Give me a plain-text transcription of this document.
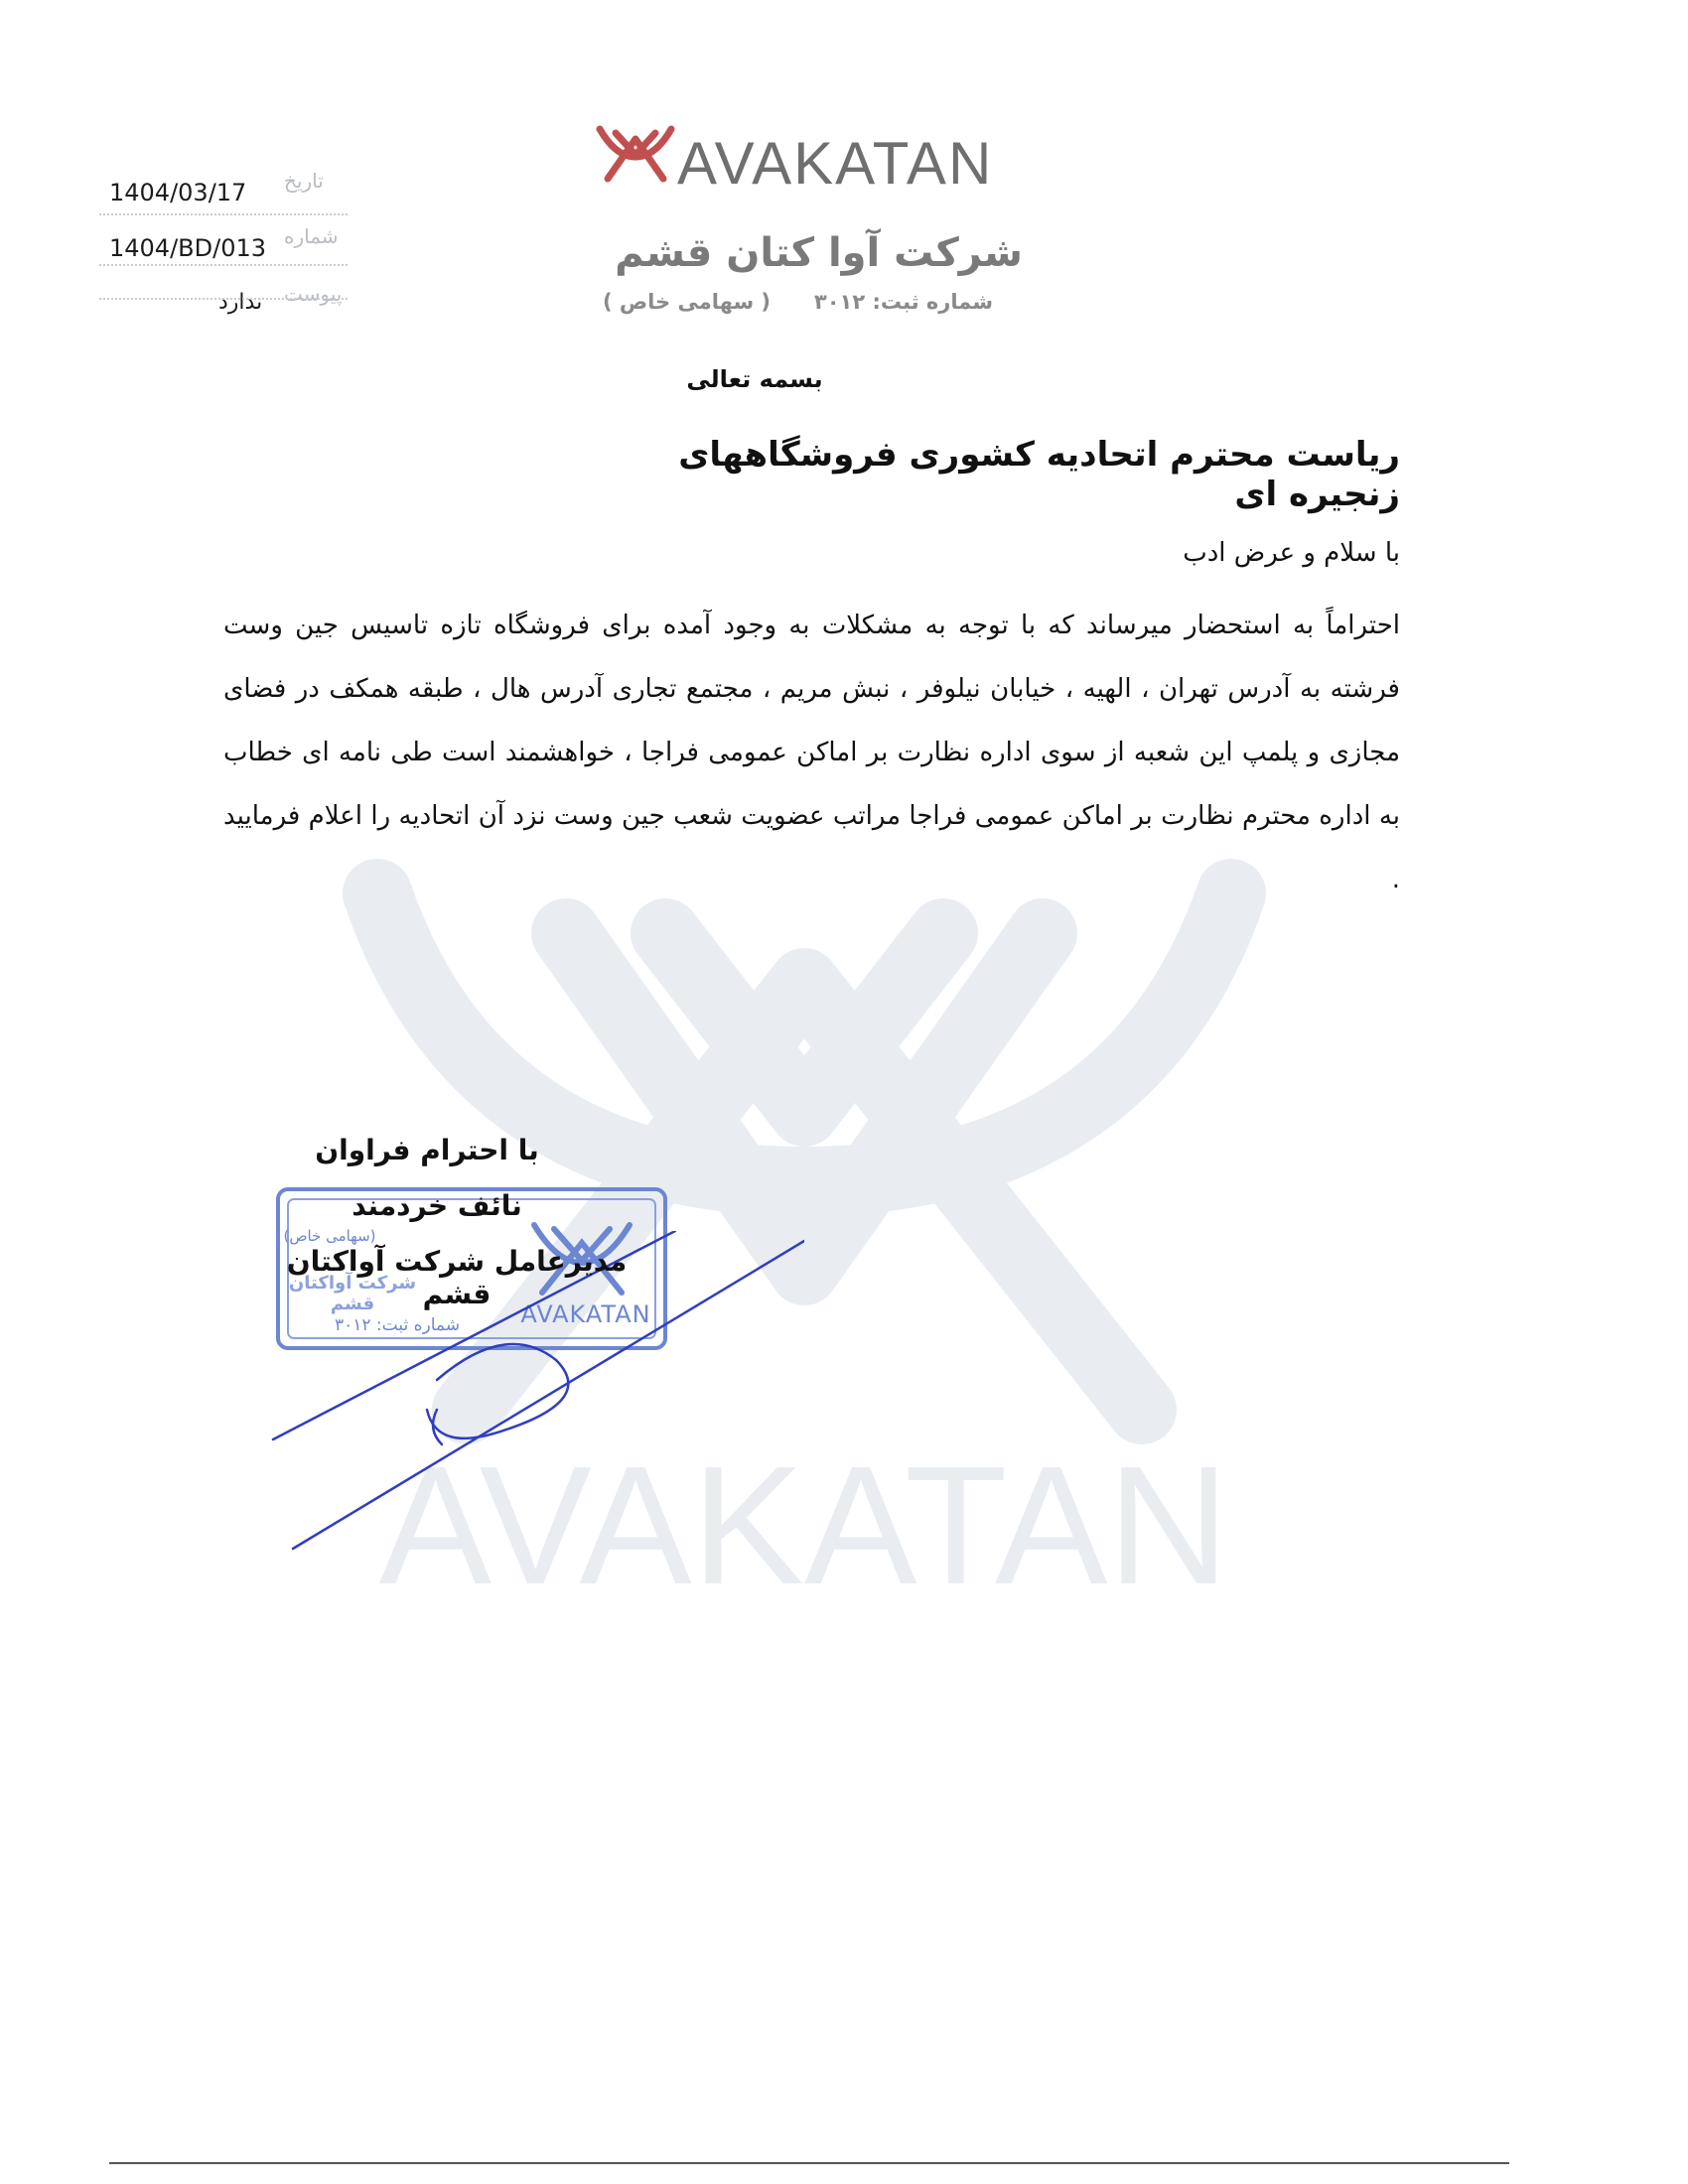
AVAKATAN
AVAKATAN
شرکت آوا کتان قشم
شماره ثبت: ۳۰۱۲      ( سهامی خاص )
تاریخ
1404/03/17
شماره
1404/BD/013
پیوست
ندارد
بسمه تعالی
ریاست محترم اتحادیه کشوری فروشگاههای زنجیره ای
با سلام و عرض ادب
احتراماً به استحضار میرساند که با توجه به مشکلات به وجود آمده برای فروشگاه تازه تاسیس جین وست فرشته به آدرس تهران ، الهیه ، خیابان نیلوفر ، نبش مریم ، مجتمع تجاری آدرس هال ، طبقه همکف در فضای مجازی و پلمپ این شعبه از سوی اداره نظارت بر اماکن عمومی فراجا ، خواهشمند است طی نامه ای خطاب به اداره محترم نظارت بر اماکن عمومی فراجا مراتب عضویت شعب جین وست نزد آن اتحادیه را اعلام فرمایید .
(سهامی خاص)
شرکت آواکتان قشم
شماره ثبت: ۳۰۱۲	AVAKATAN
با احترام فراوان
نائف خردمند
مدیرعامل شرکت آواکتان قشم
